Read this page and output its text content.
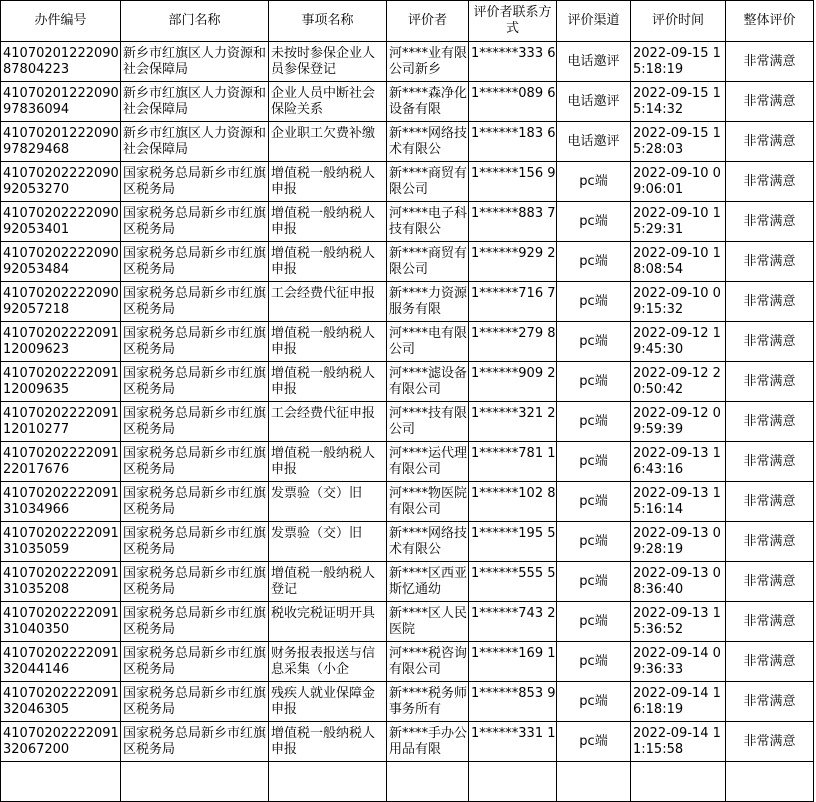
办件编号	部门名称	事项名称	评价者	评价者联系方式	评价渠道	评价时间	整体评价

41070201222090 87804223	新乡市红旗区人力资源和社会保障局	未按时参保企业人员参保登记	河****业有限公司新乡	1******333 6	电话邀评	2022-09-15 15:18:19	非常满意

41070201222090 97836094	新乡市红旗区人力资源和社会保障局	企业人员中断社会保险关系	新****森净化设备有限	1******089 6	电话邀评	2022-09-15 15:14:32	非常满意

41070201222090 97829468	新乡市红旗区人力资源和社会保障局	企业职工欠费补缴	新****网络技术有限公	1******183 6	电话邀评	2022-09-15 15:28:03	非常满意

41070202222090 92053270	国家税务总局新乡市红旗区税务局	增值税一般纳税人申报	新****商贸有限公司	1******156 9	pc端	2022-09-10 09:06:01	非常满意

41070202222090 92053401	国家税务总局新乡市红旗区税务局	增值税一般纳税人申报	河****电子科技有限公	1******883 7	pc端	2022-09-10 15:29:31	非常满意

41070202222090 92053484	国家税务总局新乡市红旗区税务局	增值税一般纳税人申报	新****商贸有限公司	1******929 2	pc端	2022-09-10 18:08:54	非常满意

41070202222090 92057218	国家税务总局新乡市红旗区税务局	工会经费代征申报	新****力资源服务有限	1******716 7	pc端	2022-09-10 09:15:32	非常满意

41070202222091 12009623	国家税务总局新乡市红旗区税务局	增值税一般纳税人申报	河****电有限公司	1******279 8	pc端	2022-09-12 19:45:30	非常满意

41070202222091 12009635	国家税务总局新乡市红旗区税务局	增值税一般纳税人申报	河****滤设备有限公司	1******909 2	pc端	2022-09-12 20:50:42	非常满意

41070202222091 12010277	国家税务总局新乡市红旗区税务局	工会经费代征申报	河****技有限公司	1******321 2	pc端	2022-09-12 09:59:39	非常满意

41070202222091 22017676	国家税务总局新乡市红旗区税务局	增值税一般纳税人申报	河****运代理有限公司	1******781 1	pc端	2022-09-13 16:43:16	非常满意

41070202222091 31034966	国家税务总局新乡市红旗区税务局	发票验（交）旧	河****物医院有限公司	1******102 8	pc端	2022-09-13 15:16:14	非常满意

41070202222091 31035059	国家税务总局新乡市红旗区税务局	发票验（交）旧	新****网络技术有限公	1******195 5	pc端	2022-09-13 09:28:19	非常满意

41070202222091 31035208	国家税务总局新乡市红旗区税务局	增值税一般纳税人登记	新****区西亚斯忆通幼	1******555 5	pc端	2022-09-13 08:36:40	非常满意

41070202222091 31040350	国家税务总局新乡市红旗区税务局	税收完税证明开具	新****区人民医院	1******743 2	pc端	2022-09-13 15:36:52	非常满意

41070202222091 32044146	国家税务总局新乡市红旗区税务局	财务报表报送与信息采集（小企	河****税咨询有限公司	1******169 1	pc端	2022-09-14 09:36:33	非常满意

41070202222091 32046305	国家税务总局新乡市红旗区税务局	残疾人就业保障金申报	新****税务师事务所有	1******853 9	pc端	2022-09-14 16:18:19	非常满意

41070202222091 32067200	国家税务总局新乡市红旗区税务局	增值税一般纳税人申报	新****手办公用品有限	1******331 1	pc端	2022-09-14 11:15:58	非常满意
